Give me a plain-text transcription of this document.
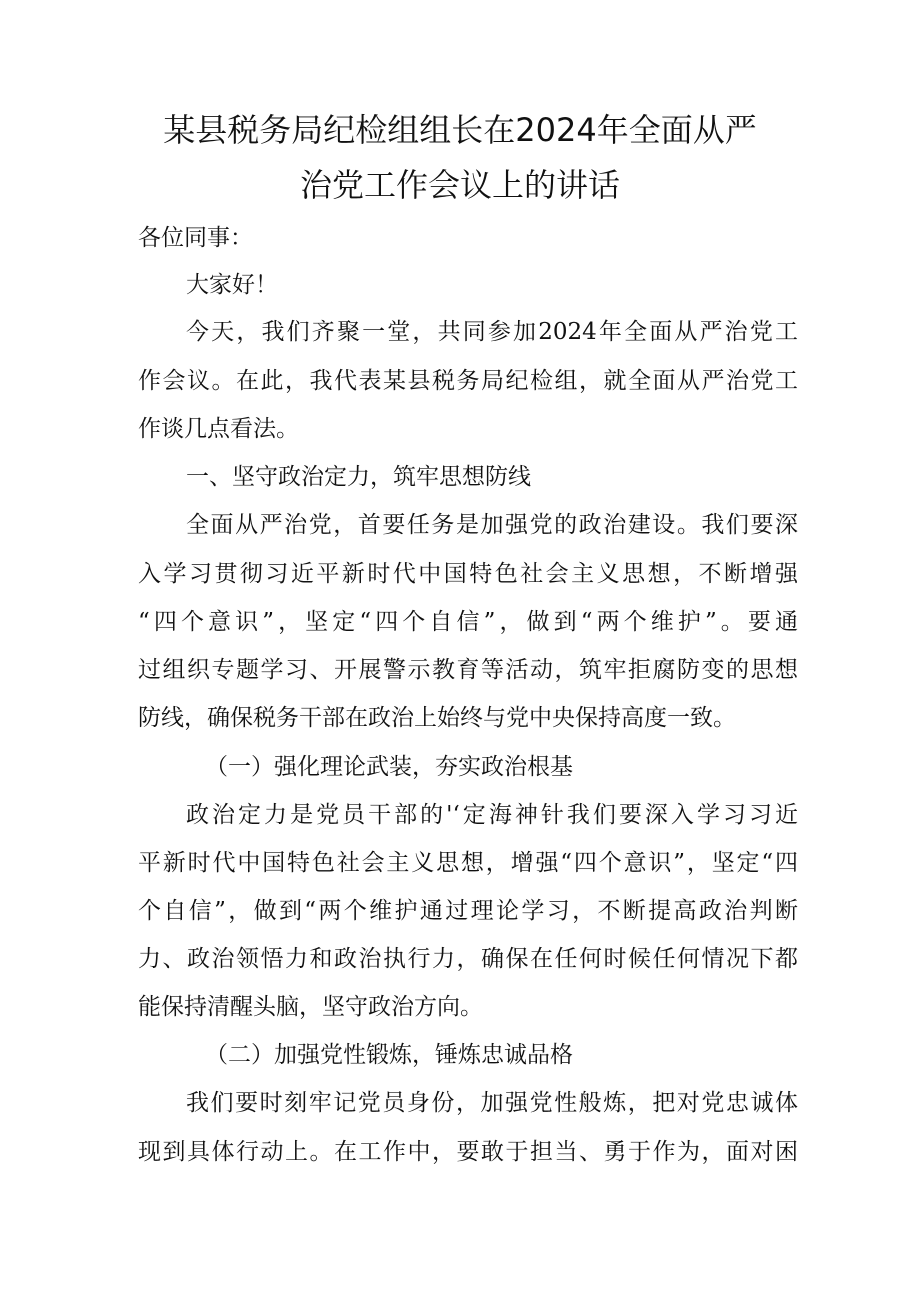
某县税务局纪检组组长在2024年全面从严
治党工作会议上的讲话
各位同事：
大家好！
今天，我们齐聚一堂，共同参加2024年全面从严治党工
作会议。在此，我代表某县税务局纪检组，就全面从严治党工
作谈几点看法。
一、坚守政治定力，筑牢思想防线
全面从严治党，首要任务是加强党的政治建设。我们要深
入学习贯彻习近平新时代中国特色社会主义思想，不断增强
“四个意识”，坚定“四个自信”，做到“两个维护”。要通
过组织专题学习、开展警示教育等活动，筑牢拒腐防变的思想
防线，确保税务干部在政治上始终与党中央保持高度一致。
（一）强化理论武装，夯实政治根基
政治定力是党员干部的'‘定海神针我们要深入学习习近
平新时代中国特色社会主义思想，增强“四个意识”，坚定“四
个自信”，做到“两个维护通过理论学习，不断提高政治判断
力、政治领悟力和政治执行力，确保在任何时候任何情况下都
能保持清醒头脑，坚守政治方向。
（二）加强党性锻炼，锤炼忠诚品格
我们要时刻牢记党员身份，加强党性般炼，把对党忠诚体
现到具体行动上。在工作中，要敢于担当、勇于作为，面对困
